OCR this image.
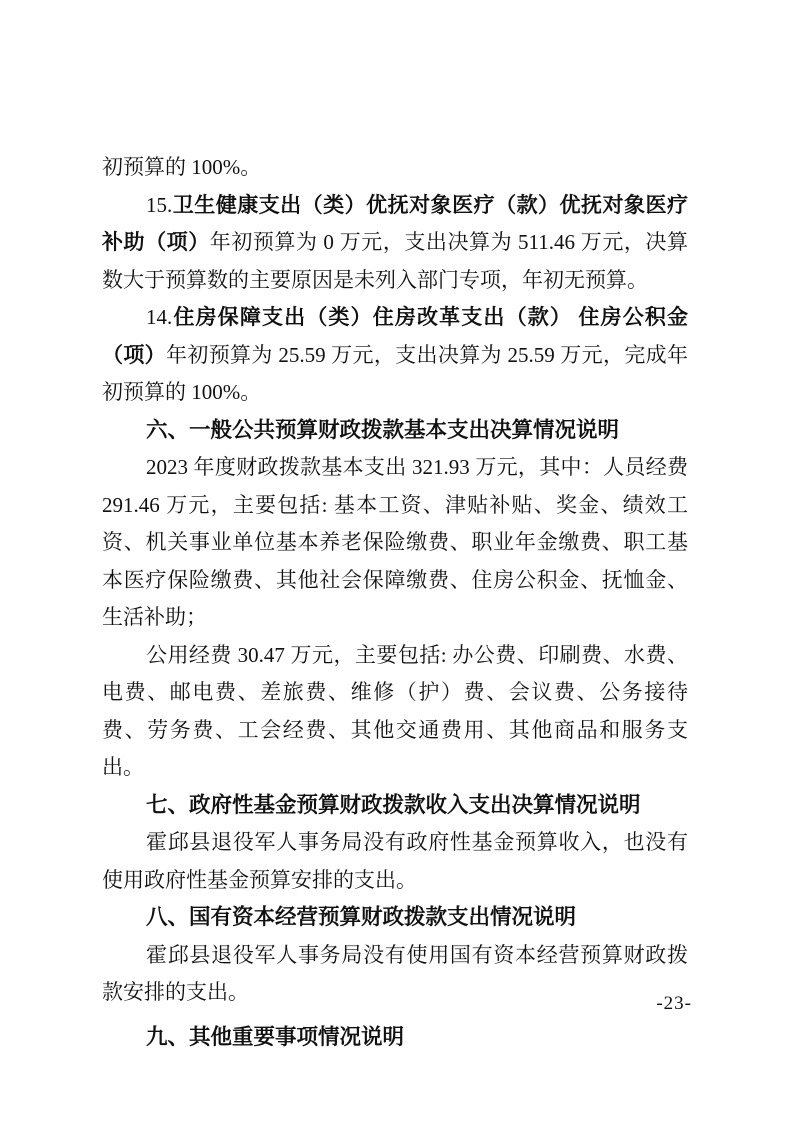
初预算的 100%。

15.卫生健康支出（类）优抚对象医疗（款）优抚对象医疗补助（项）年初预算为 0 万元，支出决算为 511.46 万元，决算数大于预算数的主要原因是未列入部门专项，年初无预算。

14.住房保障支出（类）住房改革支出（款） 住房公积金（项）年初预算为 25.59 万元，支出决算为 25.59 万元，完成年初预算的 100%。

六、一般公共预算财政拨款基本支出决算情况说明

2023 年度财政拨款基本支出 321.93 万元，其中：人员经费 291.46 万元，主要包括: 基本工资、津贴补贴、奖金、绩效工资、机关事业单位基本养老保险缴费、职业年金缴费、职工基本医疗保险缴费、其他社会保障缴费、住房公积金、抚恤金、生活补助；

公用经费 30.47 万元，主要包括: 办公费、印刷费、水费、电费、邮电费、差旅费、维修（护）费、会议费、公务接待费、劳务费、工会经费、其他交通费用、其他商品和服务支出。

七、政府性基金预算财政拨款收入支出决算情况说明

霍邱县退役军人事务局没有政府性基金预算收入，也没有使用政府性基金预算安排的支出。

八、国有资本经营预算财政拨款支出情况说明

霍邱县退役军人事务局没有使用国有资本经营预算财政拨款安排的支出。

九、其他重要事项情况说明
-23-
